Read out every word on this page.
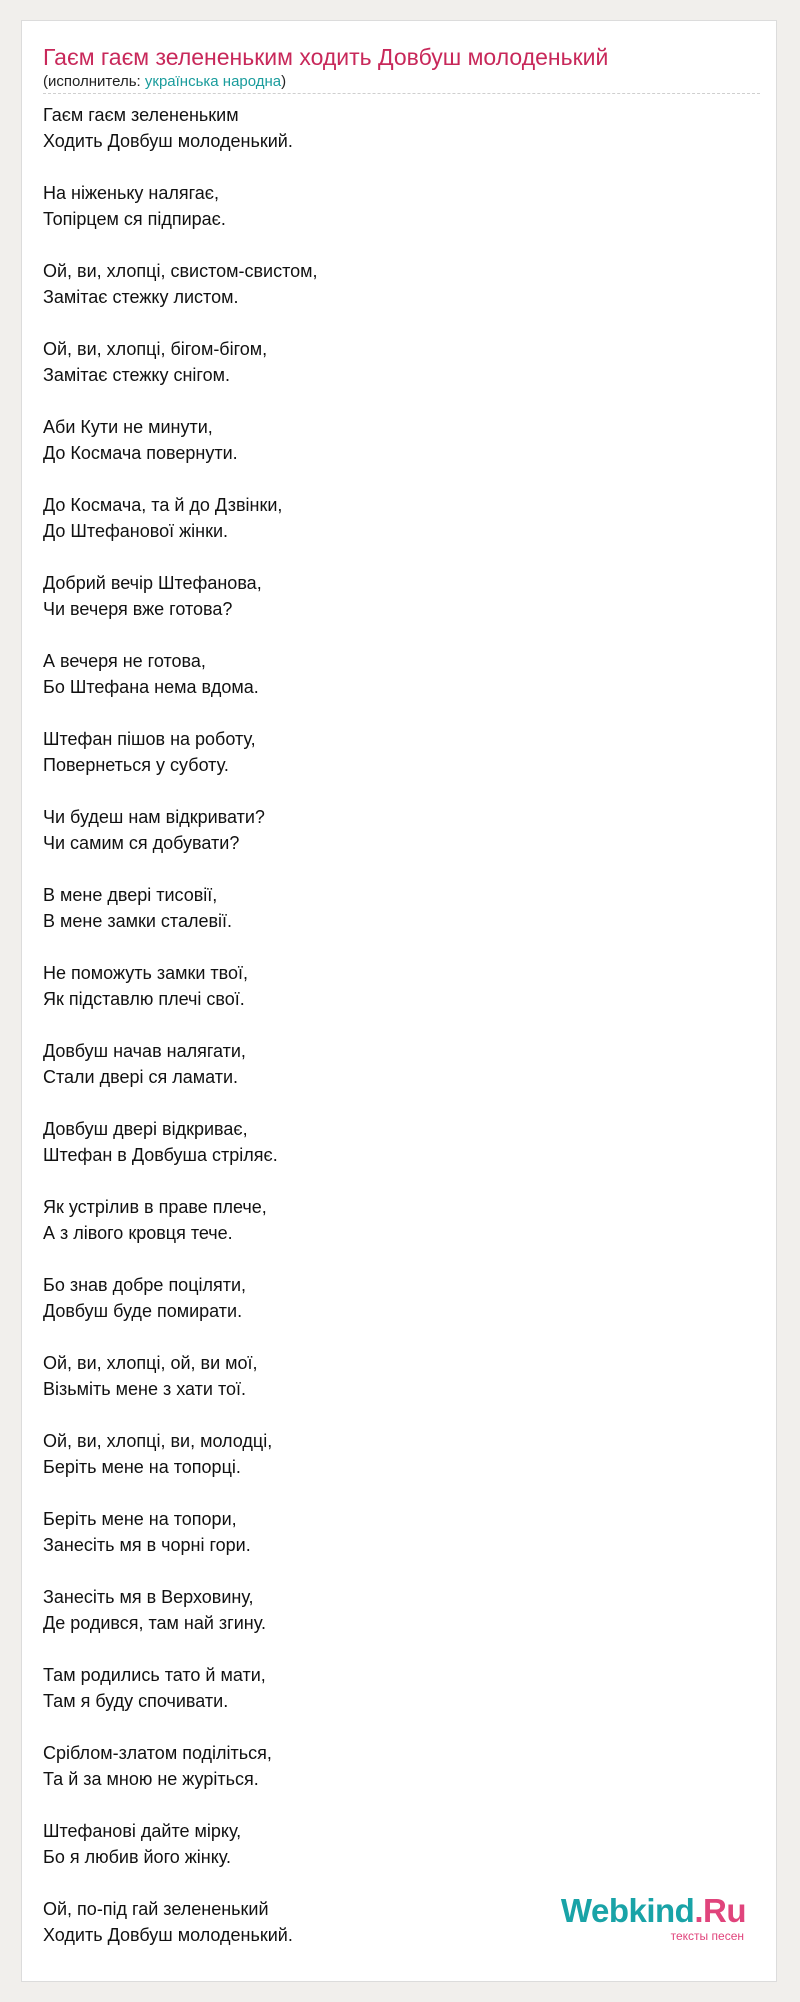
Гаєм гаєм зелененьким ходить Довбуш молоденький
(исполнитель: українська народна)
Гаєм гаєм зелененьким
Ходить Довбуш молоденький.
На ніженьку налягає,
Топірцем ся підпирає.
Ой, ви, хлопці, свистом-свистом,
Замітає стежку листом.
Ой, ви, хлопці, бігом-бігом,
Замітає стежку снігом.
Аби Кути не минути,
До Космача повернути.
До Космача, та й до Дзвінки,
До Штефанової жінки.
Добрий вечір Штефанова,
Чи вечеря вже готова?
А вечеря не готова,
Бо Штефана нема вдома.
Штефан пішов на роботу,
Повернеться у суботу.
Чи будеш нам відкривати?
Чи самим ся добувати?
В мене двері тисовії,
В мене замки сталевії.
Не поможуть замки твої,
Як підставлю плечі свої.
Довбуш начав налягати,
Стали двері ся ламати.
Довбуш двері відкриває,
Штефан в Довбуша стріляє.
Як устрілив в праве плече,
А з лівого кровця тече.
Бо знав добре поціляти,
Довбуш буде помирати.
Ой, ви, хлопці, ой, ви мої,
Візьміть мене з хати тої.
Ой, ви, хлопці, ви, молодці,
Беріть мене на топорці.
Беріть мене на топори,
Занесіть мя в чорні гори.
Занесіть мя в Верховину,
Де родився, там най згину.
Там родились тато й мати,
Там я буду спочивати.
Сріблом-златом поділіться,
Та й за мною не журіться.
Штефанові дайте мірку,
Бо я любив його жінку.
Ой, по-під гай зелененький
Ходить Довбуш молоденький.
Webkind.Ru
тексты песен
